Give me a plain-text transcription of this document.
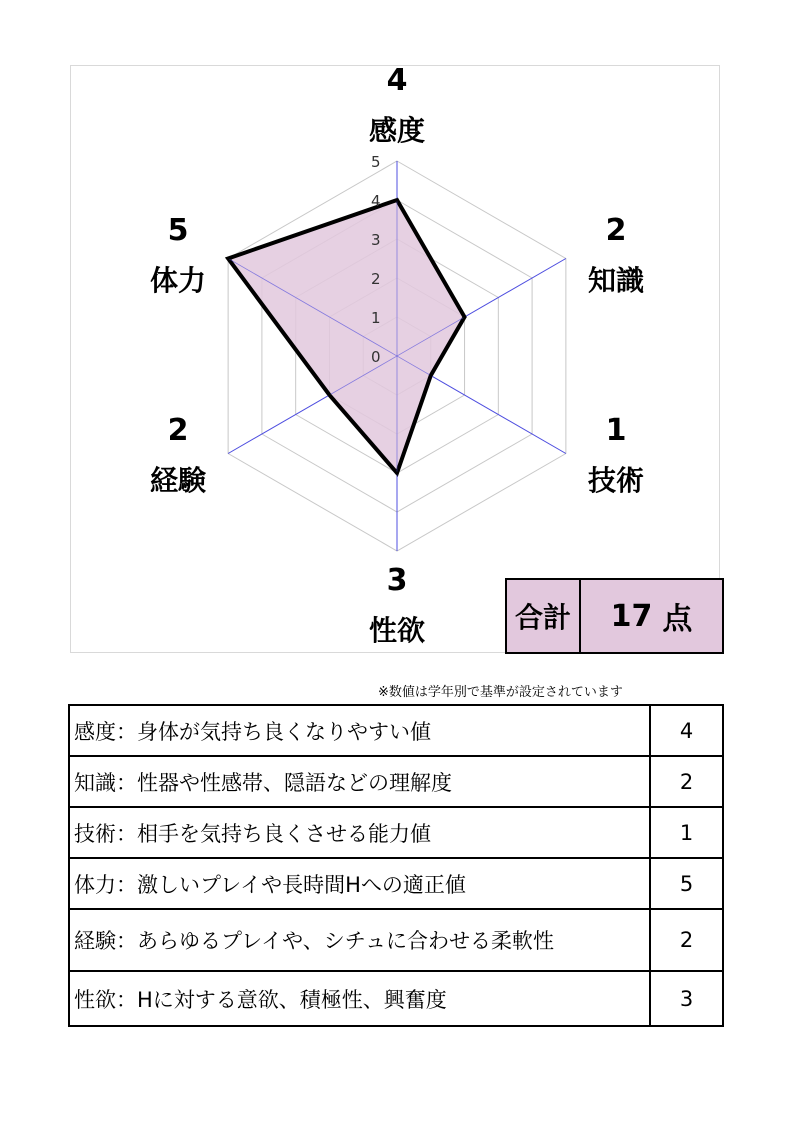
0
1
2
3
4
5
4
感度
2
知識
1
技術
3
性欲
2
経験
5
体力
合計	17 点
※数値は学年別で基準が設定されています
感度：身体が気持ち良くなりやすい値	4
知識：性器や性感帯、隠語などの理解度	2
技術：相手を気持ち良くさせる能力値	1
体力：激しいプレイや長時間Hへの適正値	5
経験：あらゆるプレイや、シチュに合わせる柔軟性	2
性欲：Hに対する意欲、積極性、興奮度	3
